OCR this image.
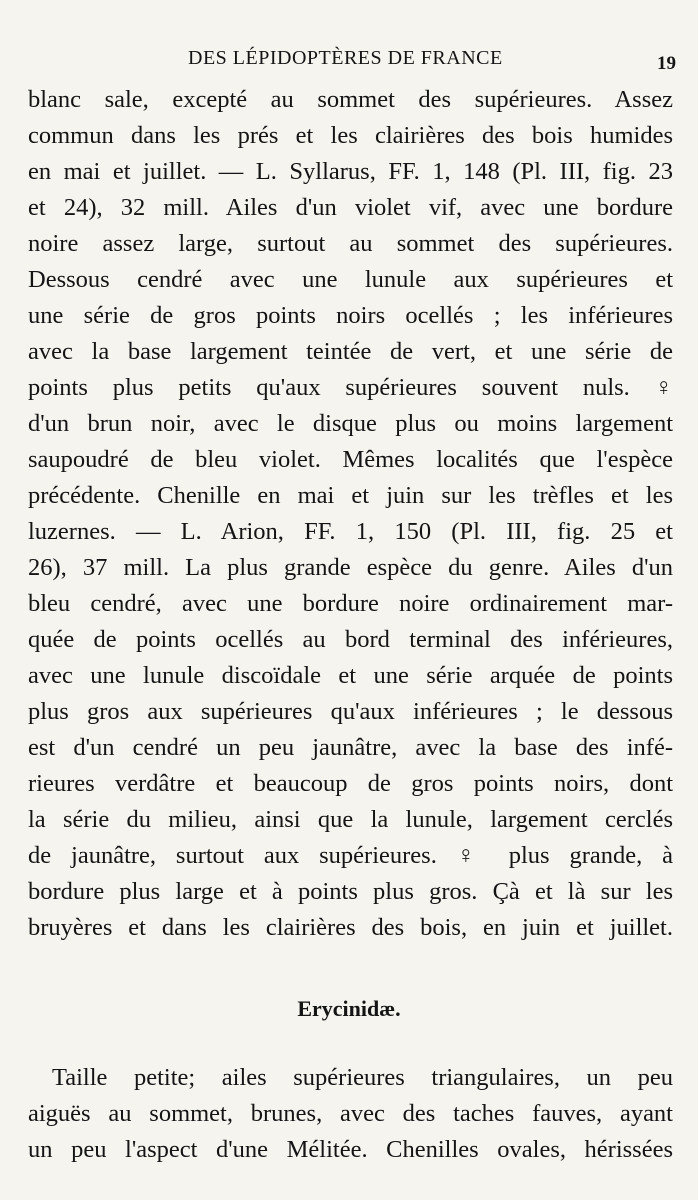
DES LÉPIDOPTÈRES DE FRANCE	19
blanc sale, excepté au sommet des supérieures. Assez
commun dans les prés et les clairières des bois humides
en mai et juillet. — L. Syllarus, FF. 1, 148 (Pl. III, fig. 23
et 24), 32 mill. Ailes d'un violet vif, avec une bordure
noire assez large, surtout au sommet des supérieures.
Dessous cendré avec une lunule aux supérieures et
une série de gros points noirs ocellés ; les inférieures
avec la base largement teintée de vert, et une série de
points plus petits qu'aux supérieures souvent nuls. ♀
d'un brun noir, avec le disque plus ou moins largement
saupoudré de bleu violet. Mêmes localités que l'espèce
précédente. Chenille en mai et juin sur les trèfles et les
luzernes. — L. Arion, FF. 1, 150 (Pl. III, fig. 25 et
26), 37 mill. La plus grande espèce du genre. Ailes d'un
bleu cendré, avec une bordure noire ordinairement mar-
quée de points ocellés au bord terminal des inférieures,
avec une lunule discoïdale et une série arquée de points
plus gros aux supérieures qu'aux inférieures ; le dessous
est d'un cendré un peu jaunâtre, avec la base des infé-
rieures verdâtre et beaucoup de gros points noirs, dont
la série du milieu, ainsi que la lunule, largement cerclés
de jaunâtre, surtout aux supérieures. ♀ plus grande, à
bordure plus large et à points plus gros. Çà et là sur les
bruyères et dans les clairières des bois, en juin et juillet.
Erycinidæ.
Taille petite; ailes supérieures triangulaires, un peu
aiguës au sommet, brunes, avec des taches fauves, ayant
un peu l'aspect d'une Mélitée. Chenilles ovales, hérissées
